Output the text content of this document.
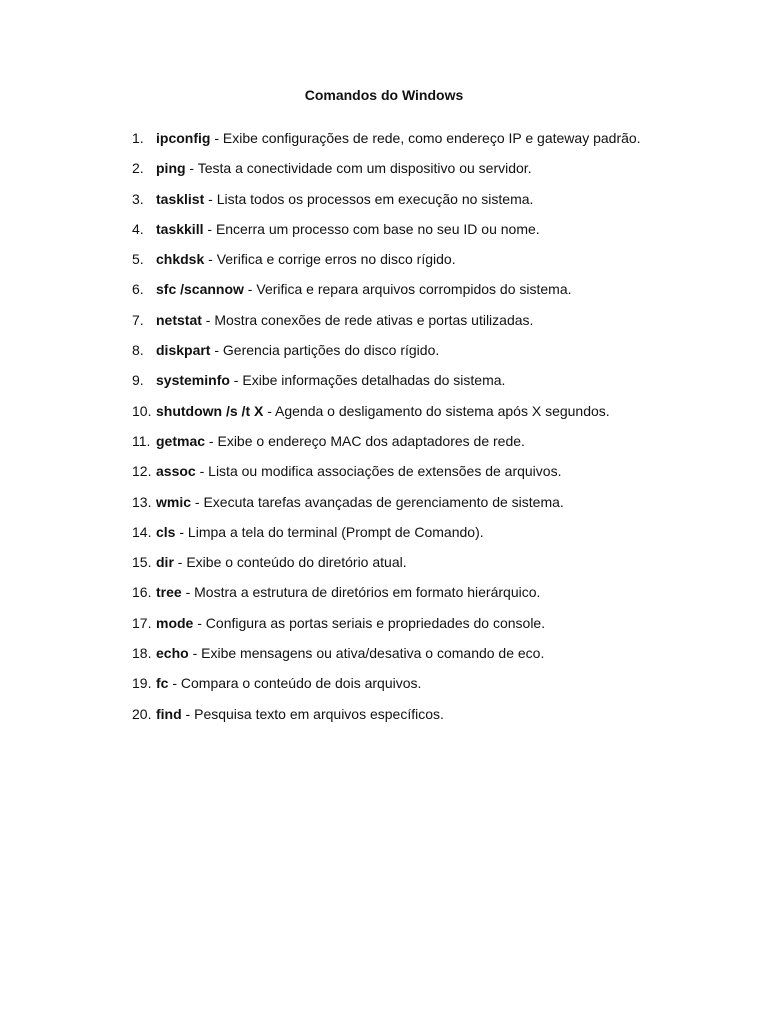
Comandos do Windows
1. ipconfig - Exibe configurações de rede, como endereço IP e gateway padrão.
2. ping - Testa a conectividade com um dispositivo ou servidor.
3. tasklist - Lista todos os processos em execução no sistema.
4. taskkill - Encerra um processo com base no seu ID ou nome.
5. chkdsk - Verifica e corrige erros no disco rígido.
6. sfc /scannow - Verifica e repara arquivos corrompidos do sistema.
7. netstat - Mostra conexões de rede ativas e portas utilizadas.
8. diskpart - Gerencia partições do disco rígido.
9. systeminfo - Exibe informações detalhadas do sistema.
10. shutdown /s /t X - Agenda o desligamento do sistema após X segundos.
11. getmac - Exibe o endereço MAC dos adaptadores de rede.
12. assoc - Lista ou modifica associações de extensões de arquivos.
13. wmic - Executa tarefas avançadas de gerenciamento de sistema.
14. cls - Limpa a tela do terminal (Prompt de Comando).
15. dir - Exibe o conteúdo do diretório atual.
16. tree - Mostra a estrutura de diretórios em formato hierárquico.
17. mode - Configura as portas seriais e propriedades do console.
18. echo - Exibe mensagens ou ativa/desativa o comando de eco.
19. fc - Compara o conteúdo de dois arquivos.
20. find - Pesquisa texto em arquivos específicos.
